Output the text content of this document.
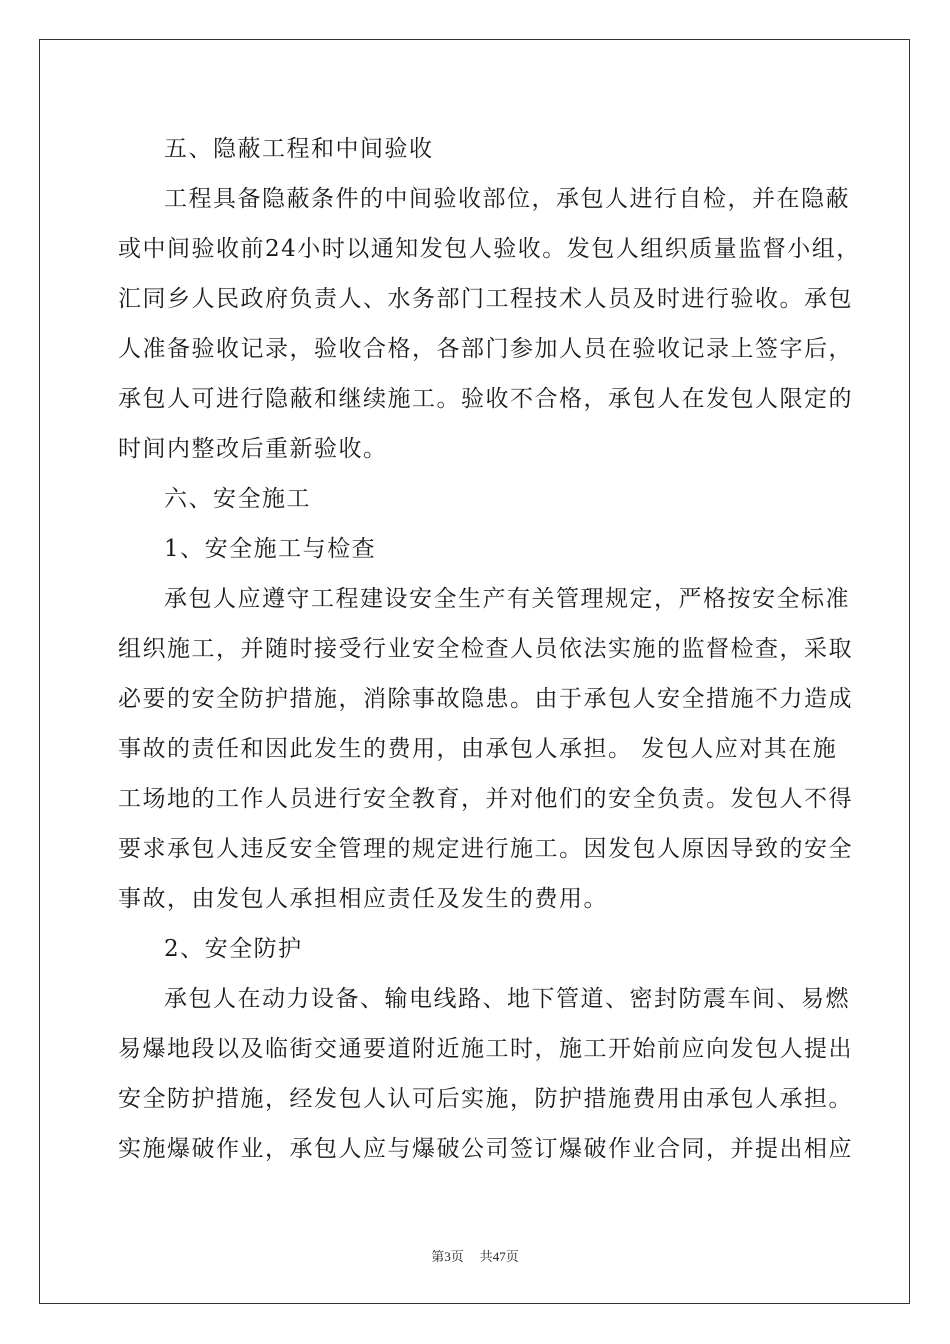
五、隐蔽工程和中间验收
工程具备隐蔽条件的中间验收部位，承包人进行自检，并在隐蔽
或中间验收前24小时以通知发包人验收。发包人组织质量监督小组，
汇同乡人民政府负责人、水务部门工程技术人员及时进行验收。承包
人准备验收记录，验收合格，各部门参加人员在验收记录上签字后，
承包人可进行隐蔽和继续施工。验收不合格，承包人在发包人限定的
时间内整改后重新验收。
六、安全施工
1、安全施工与检查
承包人应遵守工程建设安全生产有关管理规定，严格按安全标准
组织施工，并随时接受行业安全检查人员依法实施的监督检查，采取
必要的安全防护措施，消除事故隐患。由于承包人安全措施不力造成
事故的责任和因此发生的费用，由承包人承担。 发包人应对其在施
工场地的工作人员进行安全教育，并对他们的安全负责。发包人不得
要求承包人违反安全管理的规定进行施工。因发包人原因导致的安全
事故，由发包人承担相应责任及发生的费用。
2、安全防护
承包人在动力设备、输电线路、地下管道、密封防震车间、易燃
易爆地段以及临街交通要道附近施工时，施工开始前应向发包人提出
安全防护措施，经发包人认可后实施，防护措施费用由承包人承担。
实施爆破作业，承包人应与爆破公司签订爆破作业合同，并提出相应
第3页 共47页
